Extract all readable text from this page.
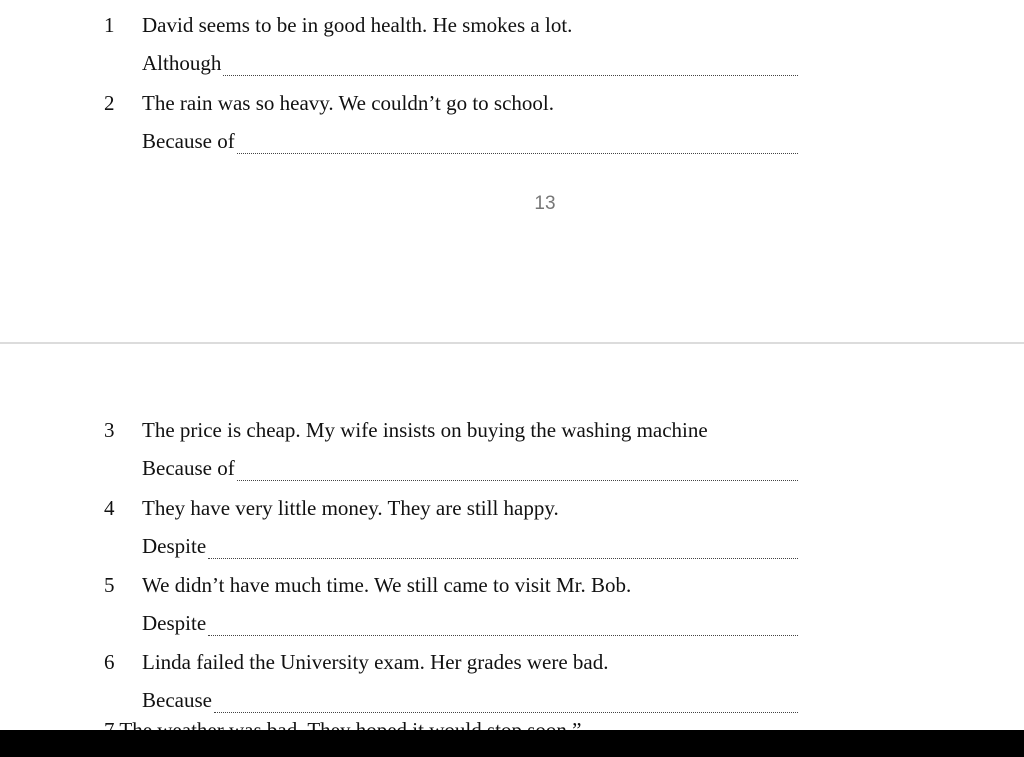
1 David seems to be in good health. He smokes a lot.
Although
2 The rain was so heavy. We couldn’t go to school.
Because of
13
3 The price is cheap. My wife insists on buying the washing machine
Because of
4 They have very little money. They are still happy.
Despite
5 We didn’t have much time. We still came to visit Mr. Bob.
Despite
6 Linda failed the University exam. Her grades were bad.
Because
